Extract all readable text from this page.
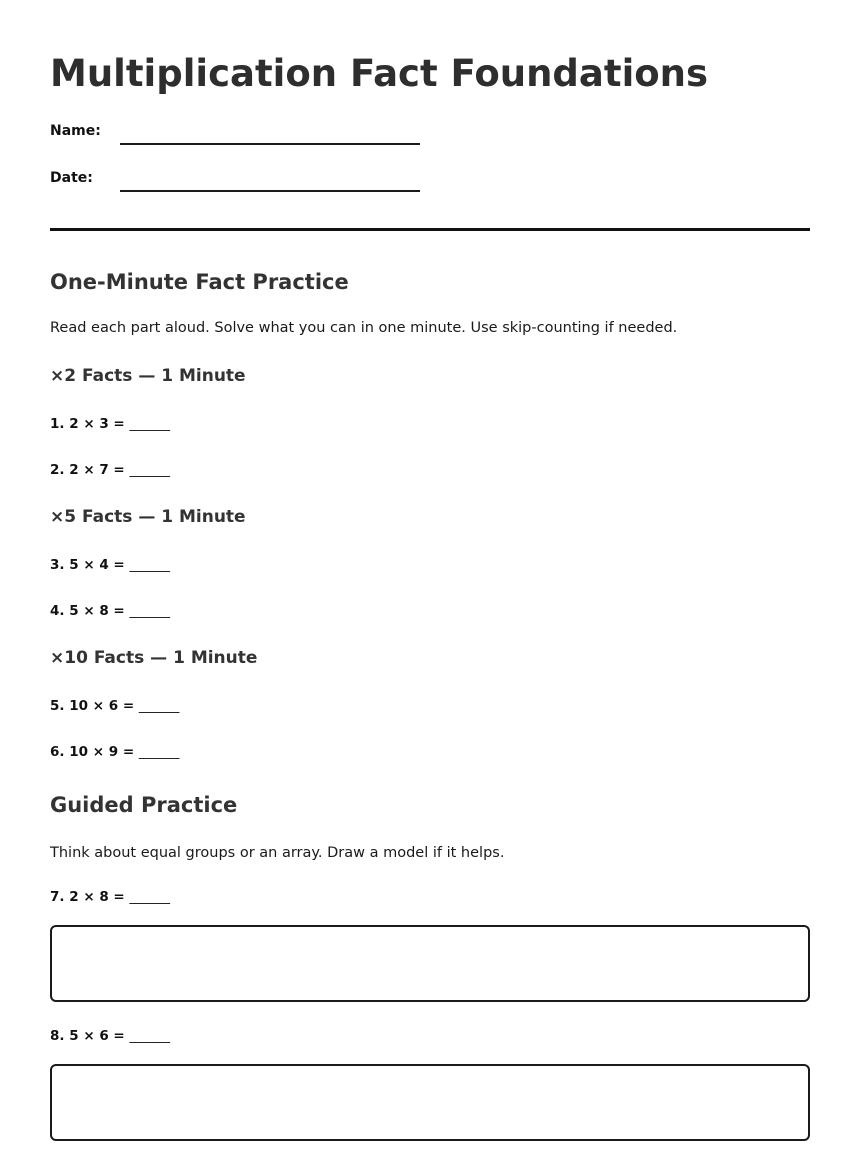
Multiplication Fact Foundations
Name:
Date:
One-Minute Fact Practice

Read each part aloud. Solve what you can in one minute. Use skip-counting if needed.

×2 Facts — 1 Minute
1. 2 × 3 = ______
2. 2 × 7 = ______
×5 Facts — 1 Minute
3. 5 × 4 = ______
4. 5 × 8 = ______
×10 Facts — 1 Minute
5. 10 × 6 = ______
6. 10 × 9 = ______
Guided Practice

Think about equal groups or an array. Draw a model if it helps.

7. 2 × 8 = ______
8. 5 × 6 = ______
